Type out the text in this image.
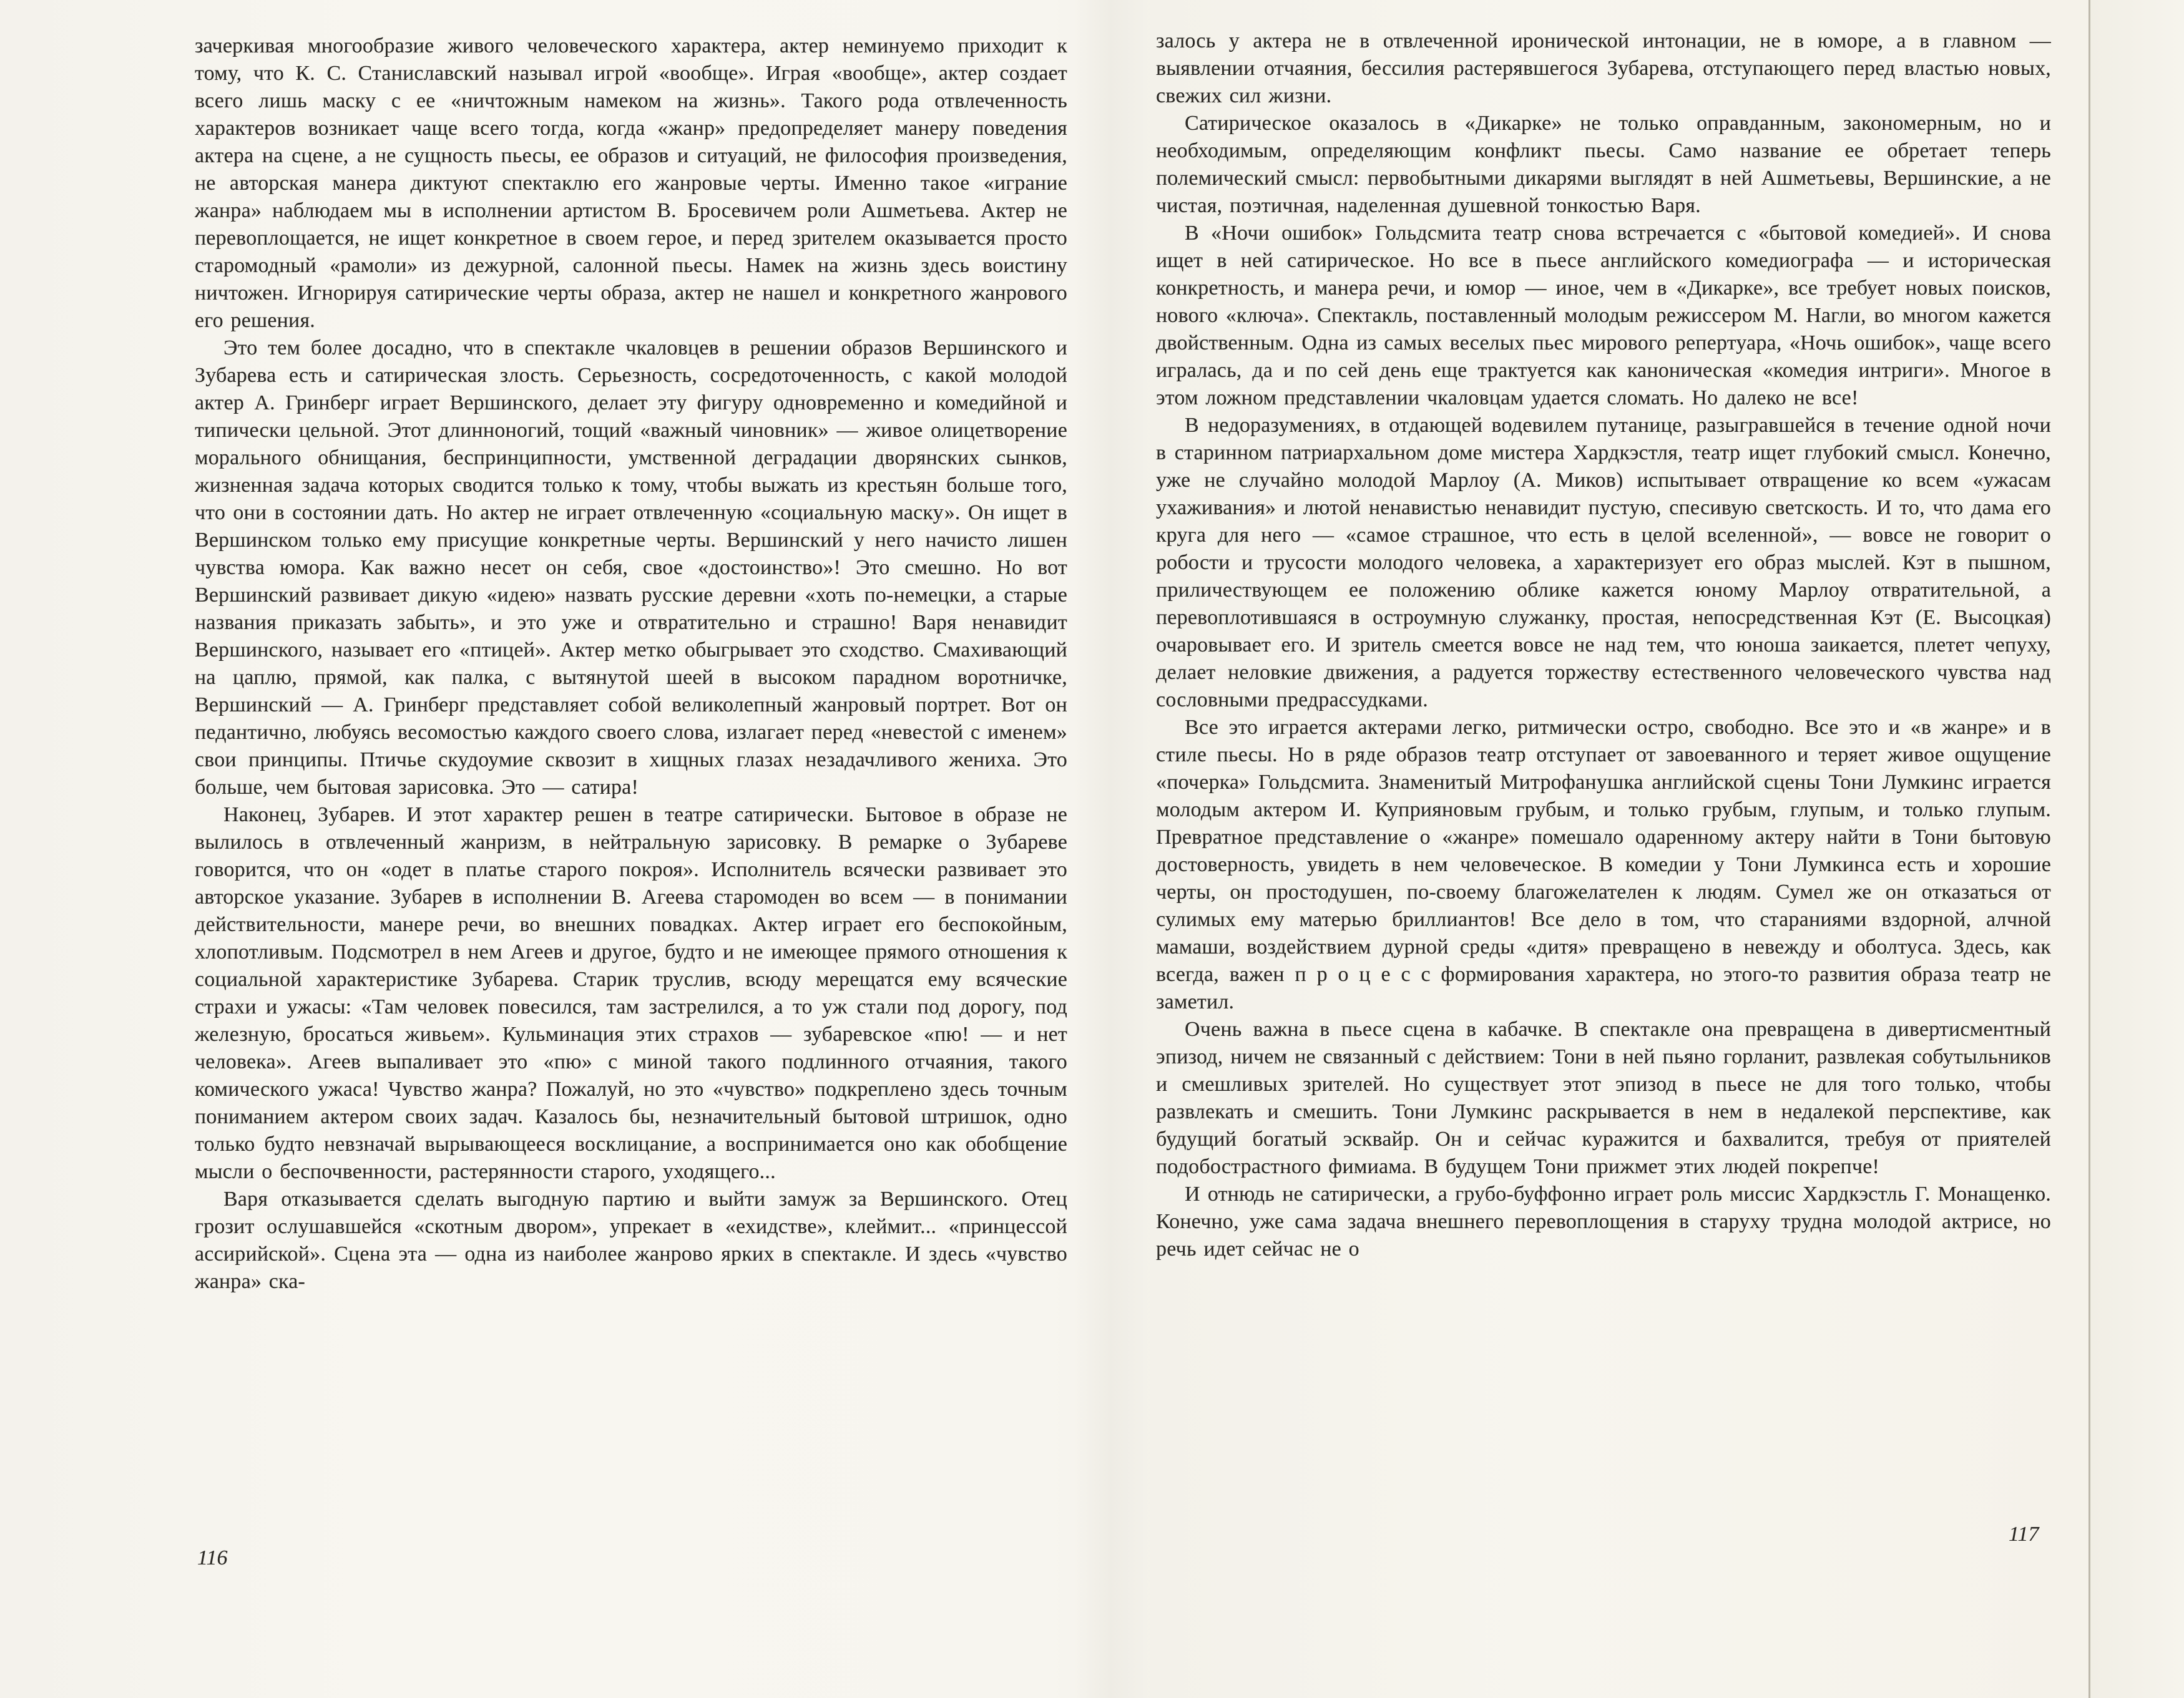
зачеркивая многообразие живого человеческого характера, актер неминуемо приходит к тому, что К. С. Станиславский называл игрой «вообще». Играя «вообще», актер создает всего лишь маску с ее «ничтожным намеком на жизнь». Такого рода отвлеченность характеров возникает чаще всего тогда, когда «жанр» предопределяет манеру поведения актера на сцене, а не сущность пьесы, ее образов и ситуаций, не философия произведения, не авторская манера диктуют спектаклю его жанровые черты. Именно такое «играние жанра» наблюдаем мы в исполнении артистом В. Бросевичем роли Ашметьева. Актер не перевоплощается, не ищет конкретное в своем герое, и перед зрителем оказывается просто старомодный «рамоли» из дежурной, салонной пьесы. Намек на жизнь здесь воистину ничтожен. Игнорируя сатирические черты образа, актер не нашел и конкретного жанрового его решения.

Это тем более досадно, что в спектакле чкаловцев в решении образов Вершинского и Зубарева есть и сатирическая злость. Серьезность, сосредоточенность, с какой молодой актер А. Гринберг играет Вершинского, делает эту фигуру одновременно и комедийной и типически цельной. Этот длинноногий, тощий «важный чиновник» — живое олицетворение морального обнищания, беспринципности, умственной деградации дворянских сынков, жизненная задача которых сводится только к тому, чтобы выжать из крестьян больше того, что они в состоянии дать. Но актер не играет отвлеченную «социальную маску». Он ищет в Вершинском только ему присущие конкретные черты. Вершинский у него начисто лишен чувства юмора. Как важно несет он себя, свое «достоинство»! Это смешно. Но вот Вершинский развивает дикую «идею» назвать русские деревни «хоть по-немецки, а старые названия приказать забыть», и это уже и отвратительно и страшно! Варя ненавидит Вершинского, называет его «птицей». Актер метко обыгрывает это сходство. Смахивающий на цаплю, прямой, как палка, с вытянутой шеей в высоком парадном воротничке, Вершинский — А. Гринберг представляет собой великолепный жанровый портрет. Вот он педантично, любуясь весомостью каждого своего слова, излагает перед «невестой с именем» свои принципы. Птичье скудоумие сквозит в хищных глазах незадачливого жениха. Это больше, чем бытовая зарисовка. Это — сатира!

Наконец, Зубарев. И этот характер решен в театре сатирически. Бытовое в образе не вылилось в отвлеченный жанризм, в нейтральную зарисовку. В ремарке о Зубареве говорится, что он «одет в платье старого покроя». Исполнитель всячески развивает это авторское указание. Зубарев в исполнении В. Агеева старомоден во всем — в понимании действительности, манере речи, во внешних повадках. Актер играет его беспокойным, хлопотливым. Подсмотрел в нем Агеев и другое, будто и не имеющее прямого отношения к социальной характеристике Зубарева. Старик труслив, всюду мерещатся ему всяческие страхи и ужасы: «Там человек повесился, там застрелился, а то уж стали под дорогу, под железную, бросаться живьем». Кульминация этих страхов — зубаревское «пю! — и нет человека». Агеев выпаливает это «пю» с миной такого подлинного отчаяния, такого комического ужаса! Чувство жанра? Пожалуй, но это «чувство» подкреплено здесь точным пониманием актером своих задач. Казалось бы, незначительный бытовой штришок, одно только будто невзначай вырывающееся восклицание, а воспринимается оно как обобщение мысли о беспочвенности, растерянности старого, уходящего...

Варя отказывается сделать выгодную партию и выйти замуж за Вершинского. Отец грозит ослушавшейся «скотным двором», упрекает в «ехидстве», клеймит... «принцессой ассирийской». Сцена эта — одна из наиболее жанрово ярких в спектакле. И здесь «чувство жанра» ска-

залось у актера не в отвлеченной иронической интонации, не в юморе, а в главном — выявлении отчаяния, бессилия растерявшегося Зубарева, отступающего перед властью новых, свежих сил жизни.

Сатирическое оказалось в «Дикарке» не только оправданным, закономерным, но и необходимым, определяющим конфликт пьесы. Само название ее обретает теперь полемический смысл: первобытными дикарями выглядят в ней Ашметьевы, Вершинские, а не чистая, поэтичная, наделенная душевной тонкостью Варя.

В «Ночи ошибок» Гольдсмита театр снова встречается с «бытовой комедией». И снова ищет в ней сатирическое. Но все в пьесе английского комедиографа — и историческая конкретность, и манера речи, и юмор — иное, чем в «Дикарке», все требует новых поисков, нового «ключа». Спектакль, поставленный молодым режиссером М. Нагли, во многом кажется двойственным. Одна из самых веселых пьес мирового репертуара, «Ночь ошибок», чаще всего игралась, да и по сей день еще трактуется как каноническая «комедия интриги». Многое в этом ложном представлении чкаловцам удается сломать. Но далеко не все!

В недоразумениях, в отдающей водевилем путанице, разыгравшейся в течение одной ночи в старинном патриархальном доме мистера Хардкэстля, театр ищет глубокий смысл. Конечно, уже не случайно молодой Марлоу (А. Миков) испытывает отвращение ко всем «ужасам ухаживания» и лютой ненавистью ненавидит пустую, спесивую светскость. И то, что дама его круга для него — «самое страшное, что есть в целой вселенной», — вовсе не говорит о робости и трусости молодого человека, а характеризует его образ мыслей. Кэт в пышном, приличествующем ее положению облике кажется юному Марлоу отвратительной, а перевоплотившаяся в остроумную служанку, простая, непосредственная Кэт (Е. Высоцкая) очаровывает его. И зритель смеется вовсе не над тем, что юноша заикается, плетет чепуху, делает неловкие движения, а радуется торжеству естественного человеческого чувства над сословными предрассудками.

Все это играется актерами легко, ритмически остро, свободно. Все это и «в жанре» и в стиле пьесы. Но в ряде образов театр отступает от завоеванного и теряет живое ощущение «почерка» Гольдсмита. Знаменитый Митрофанушка английской сцены Тони Лумкинс играется молодым актером И. Куприяновым грубым, и только грубым, глупым, и только глупым. Превратное представление о «жанре» помешало одаренному актеру найти в Тони бытовую достоверность, увидеть в нем человеческое. В комедии у Тони Лумкинса есть и хорошие черты, он простодушен, по-своему благожелателен к людям. Сумел же он отказаться от сулимых ему матерью бриллиантов! Все дело в том, что стараниями вздорной, алчной мамаши, воздействием дурной среды «дитя» превращено в невежду и оболтуса. Здесь, как всегда, важен п р о ц е с с формирования характера, но этого-то развития образа театр не заметил.

Очень важна в пьесе сцена в кабачке. В спектакле она превращена в дивертисментный эпизод, ничем не связанный с действием: Тони в ней пьяно горланит, развлекая собутыльников и смешливых зрителей. Но существует этот эпизод в пьесе не для того только, чтобы развлекать и смешить. Тони Лумкинс раскрывается в нем в недалекой перспективе, как будущий богатый эсквайр. Он и сейчас куражится и бахвалится, требуя от приятелей подобострастного фимиама. В будущем Тони прижмет этих людей покрепче!

И отнюдь не сатирически, а грубо-буффонно играет роль миссис Хардкэстль Г. Монащенко. Конечно, уже сама задача внешнего перевоплощения в старуху трудна молодой актрисе, но речь идет сейчас не о

116
117
